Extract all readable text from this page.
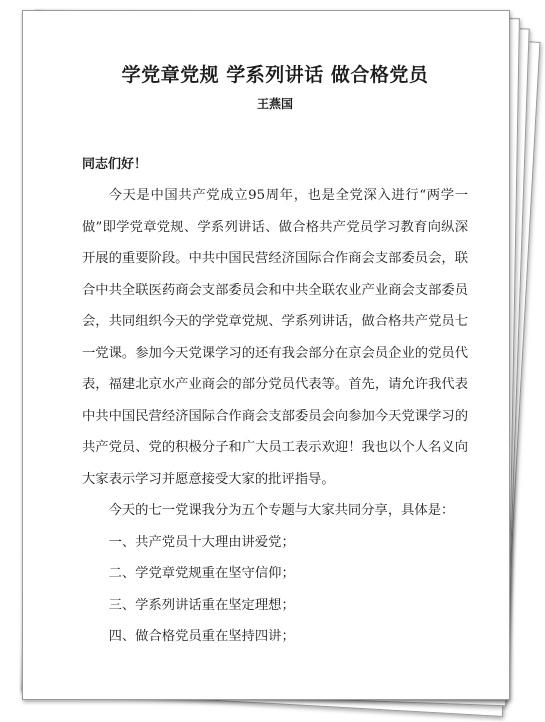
学党章党规 学系列讲话 做合格党员
王燕国
同志们好！

今天是中国共产党成立95周年，也是全党深入进行“两学一做”即学党章党规、学系列讲话、做合格共产党员学习教育向纵深开展的重要阶段。中共中国民营经济国际合作商会支部委员会，联合中共全联医药商会支部委员会和中共全联农业产业商会支部委员会，共同组织今天的学党章党规、学系列讲话，做合格共产党员七一党课。参加今天党课学习的还有我会部分在京会员企业的党员代表，福建北京水产业商会的部分党员代表等。首先，请允许我代表中共中国民营经济国际合作商会支部委员会向参加今天党课学习的共产党员、党的积极分子和广大员工表示欢迎！我也以个人名义向大家表示学习并愿意接受大家的批评指导。

今天的七一党课我分为五个专题与大家共同分享，具体是：

一、共产党员十大理由讲爱党；

二、学党章党规重在坚守信仰；

三、学系列讲话重在坚定理想；

四、做合格党员重在坚持四讲；
